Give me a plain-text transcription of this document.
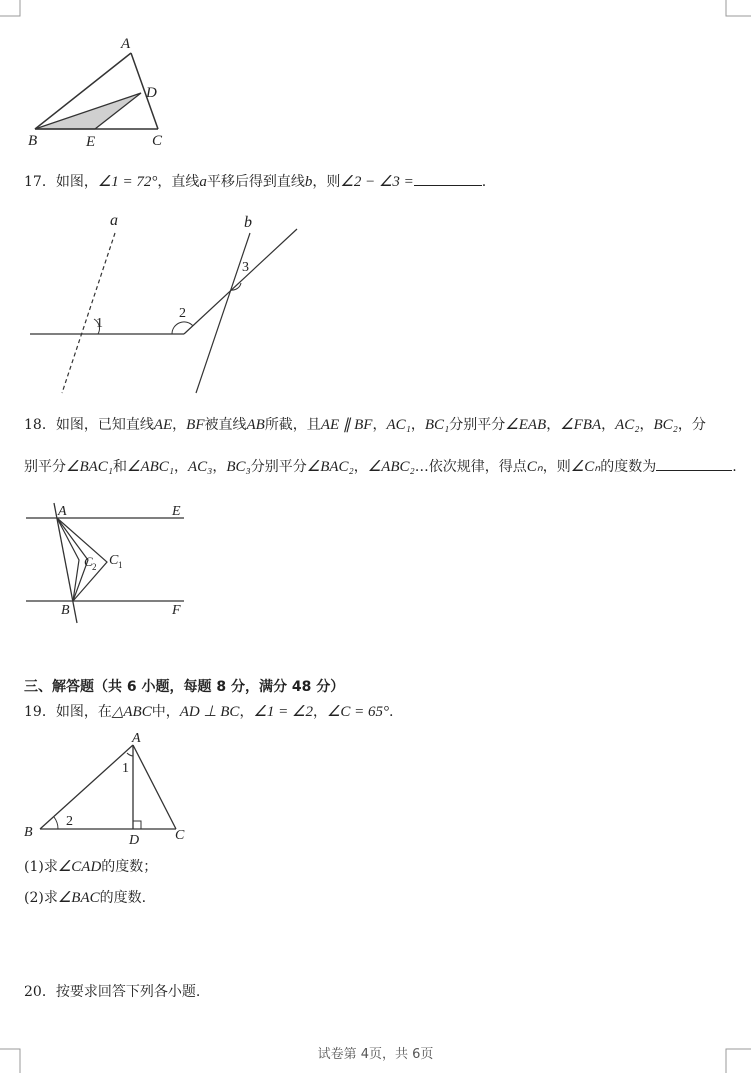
A
D
B	E	C
17．如图，∠1 = 72°，直线a平移后得到直线b，则∠2 − ∠3 =	.
a	b
1
2
3
18．如图，已知直线AE，BF被直线AB所截，且AE ∥ BF，AC₁，BC₁分别平分∠EAB，∠FBA，AC₂，BC₂，分
别平分∠BAC₁和∠ABC₁，AC₃，BC₃分别平分∠BAC₂，∠ABC₂…依次规律，得点Cₙ，则∠Cₙ的度数为	.
A	E
B	F
C 1
C 2
三、解答题（共 6 小题，每题 8 分，满分 48 分）
19．如图，在△ABC中，AD ⊥ BC，∠1 = ∠2，∠C = 65°.
A
B	C
D
1
2
(1)求∠CAD的度数；
(2)求∠BAC的度数.
20．按要求回答下列各小题.
试卷第 4页，共 6页
